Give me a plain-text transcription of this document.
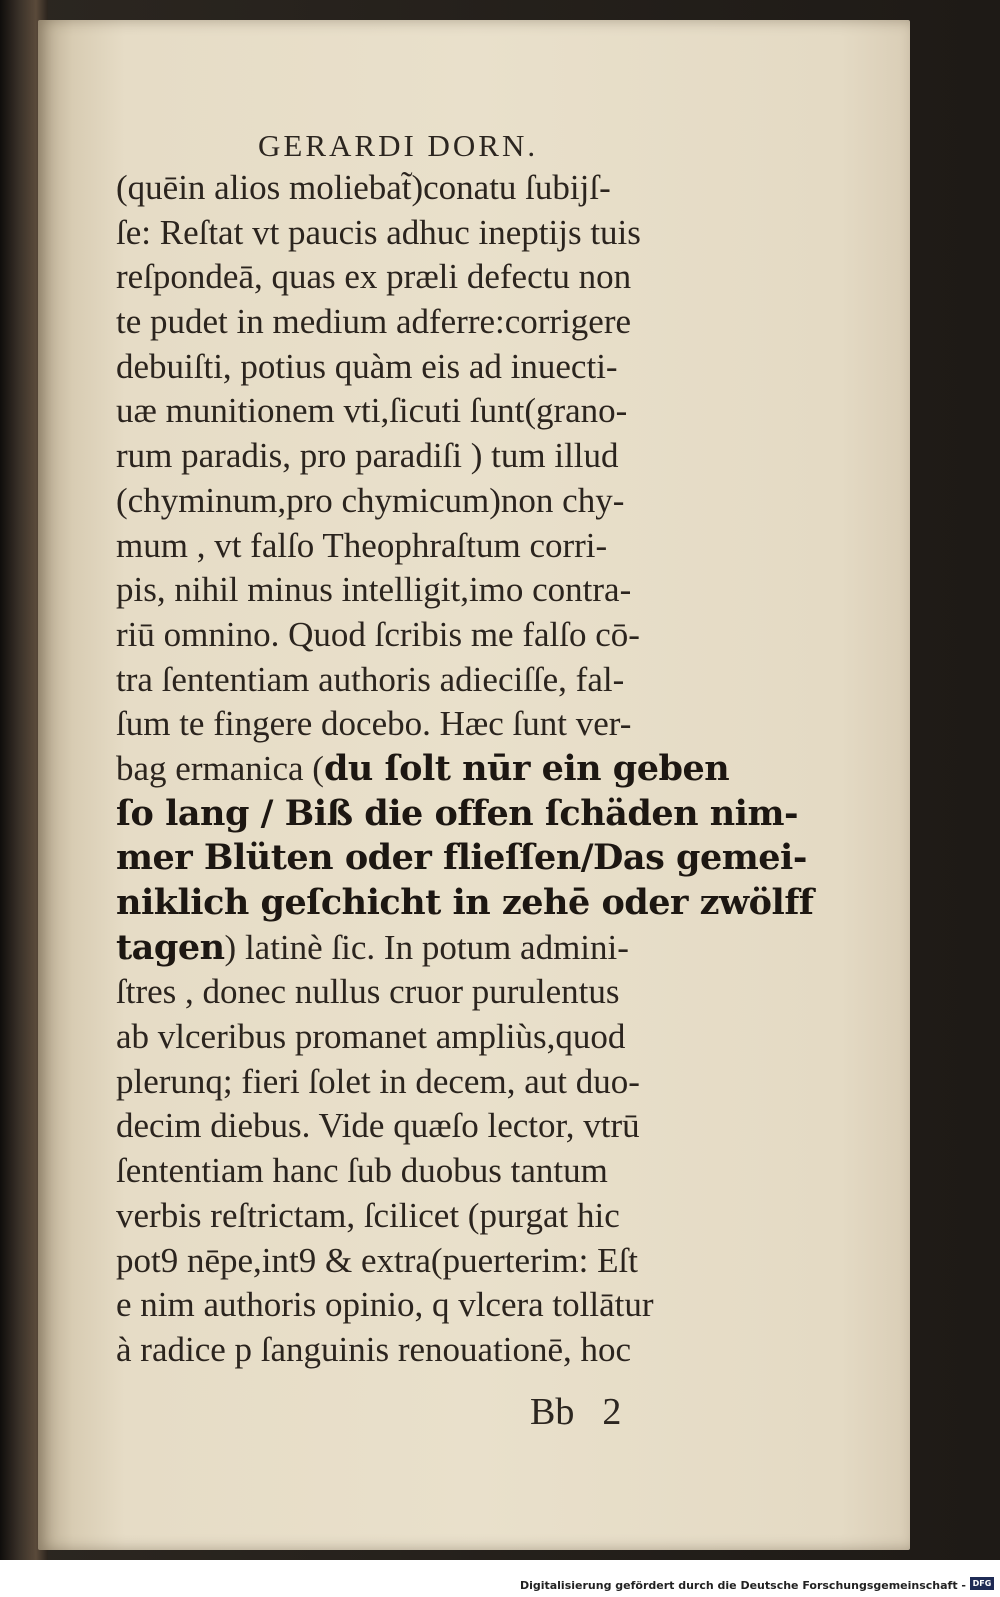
GERARDI DORN.
(quēin alios moliebat̃)conatu ſubijſ-
ſe: Reſtat vt paucis adhuc ineptijs tuis
reſpondeā, quas ex præli defectu non
te pudet in medium adferre:corrigere
debuiſti, potius quàm eis ad inuecti-
uæ munitionem vti,ſicuti ſunt(grano-
rum paradis, pro paradiſi ) tum illud
(chyminum,pro chymicum)non chy-
mum , vt falſo Theophraſtum corri-
pis, nihil minus intelligit,imo contra-
riū omnino. Quod ſcribis me falſo cō-
tra ſententiam authoris adieciſſe, fal-
ſum te fingere docebo. Hæc ſunt ver-
bag ermanica (du ſolt nūr ein geben
ſo lang / Biß die offen ſchäden nim-
mer Blüten oder flieſſen/Das gemei-
niklich geſchicht in zehē oder zwölff
tagen) latinè ſic. In potum admini-
ſtres , donec nullus cruor purulentus
ab vlceribus promanet ampliùs,quod
plerunq; fieri ſolet in decem, aut duo-
decim diebus. Vide quæſo lector, vtrū
ſententiam hanc ſub duobus tantum
verbis reſtrictam, ſcilicet (purgat hic
pot9 nēpe,int9 & extra(puerterim: Eſt
e nim authoris opinio, q vlcera tollātur
à radice p ſanguinis renouationē, hoc
Bb 2
Digitalisierung gefördert durch die Deutsche Forschungsgemeinschaft - DFG
